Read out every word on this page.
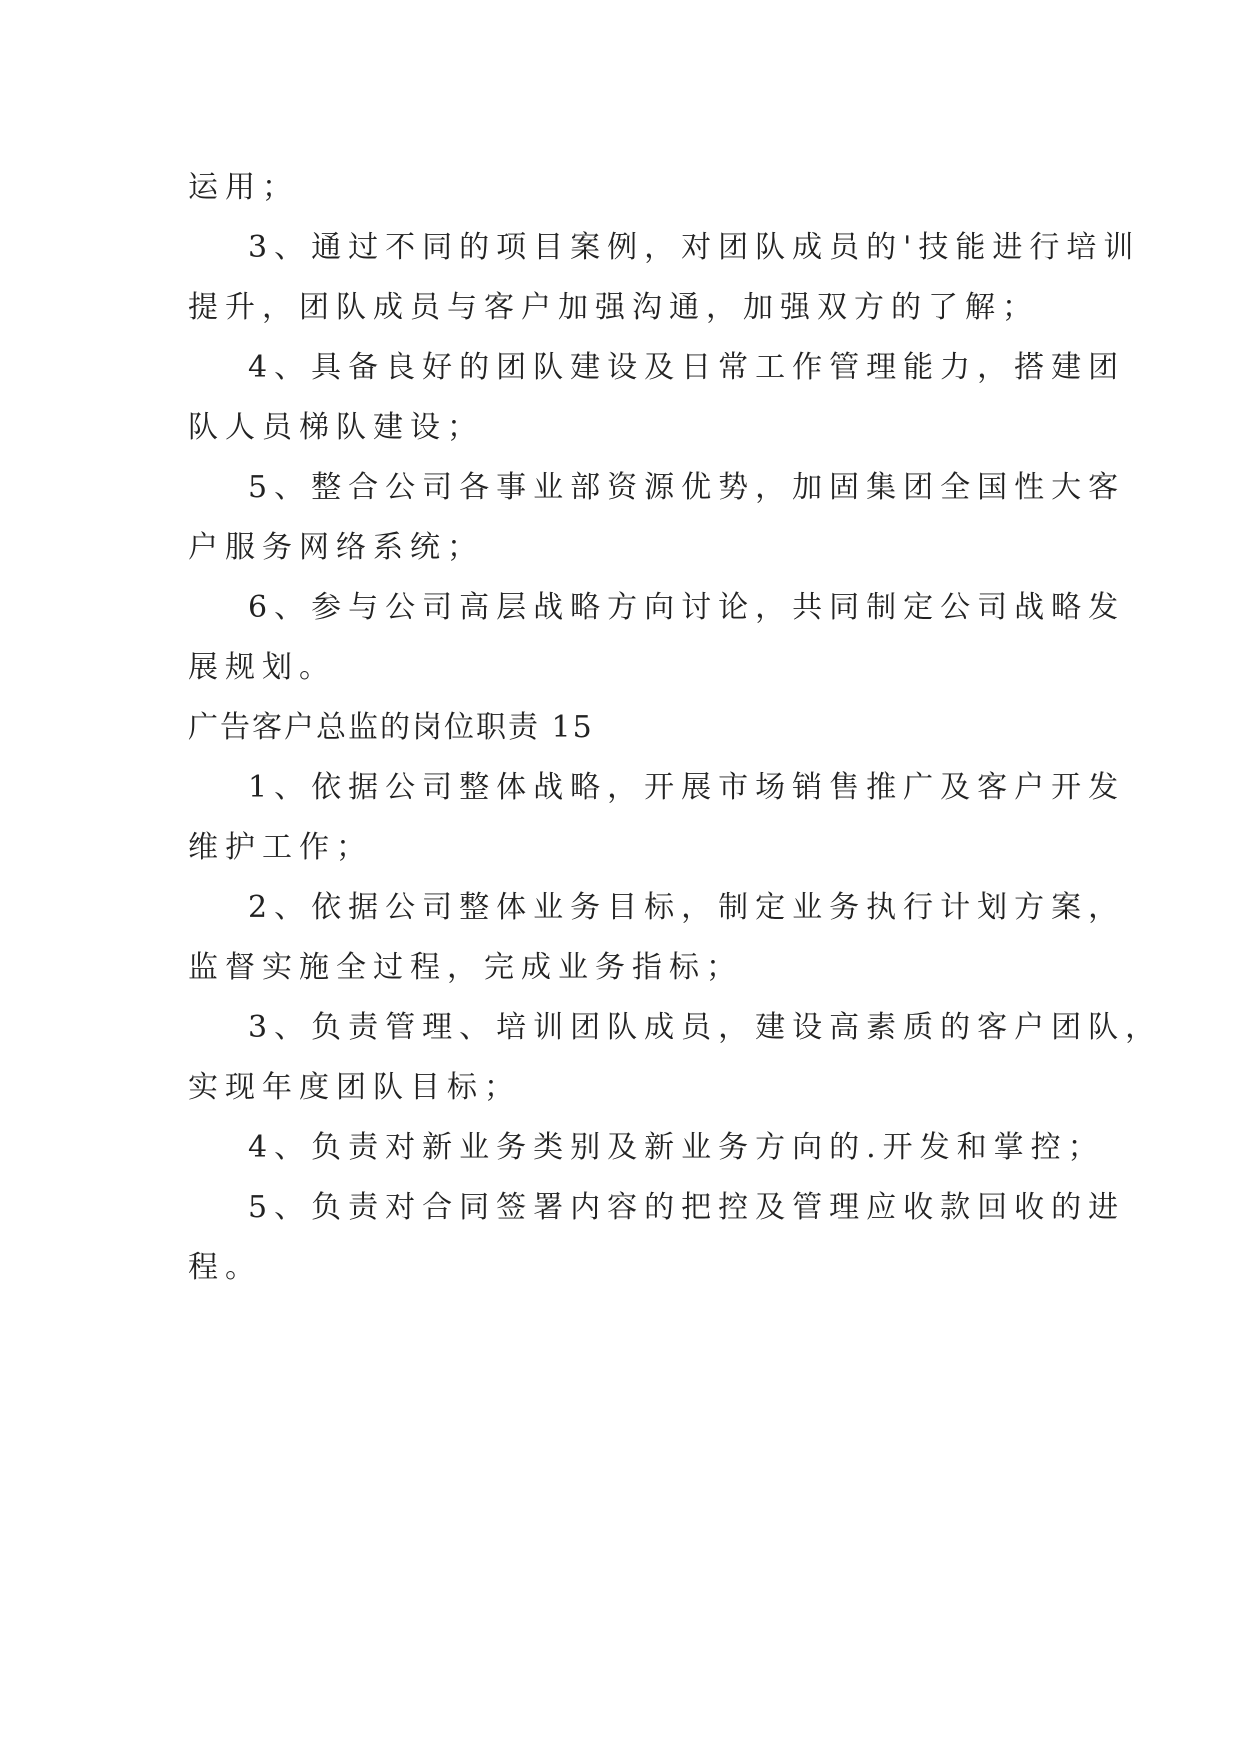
运用；
3、通过不同的项目案例，对团队成员的'技能进行培训
提升，团队成员与客户加强沟通，加强双方的了解；
4、具备良好的团队建设及日常工作管理能力，搭建团
队人员梯队建设；
5、整合公司各事业部资源优势，加固集团全国性大客
户服务网络系统；
6、参与公司高层战略方向讨论，共同制定公司战略发
展规划。
广告客户总监的岗位职责 15
1、依据公司整体战略，开展市场销售推广及客户开发
维护工作；
2、依据公司整体业务目标，制定业务执行计划方案，
监督实施全过程，完成业务指标；
3、负责管理、培训团队成员，建设高素质的客户团队，
实现年度团队目标；
4、负责对新业务类别及新业务方向的.开发和掌控；
5、负责对合同签署内容的把控及管理应收款回收的进
程。
